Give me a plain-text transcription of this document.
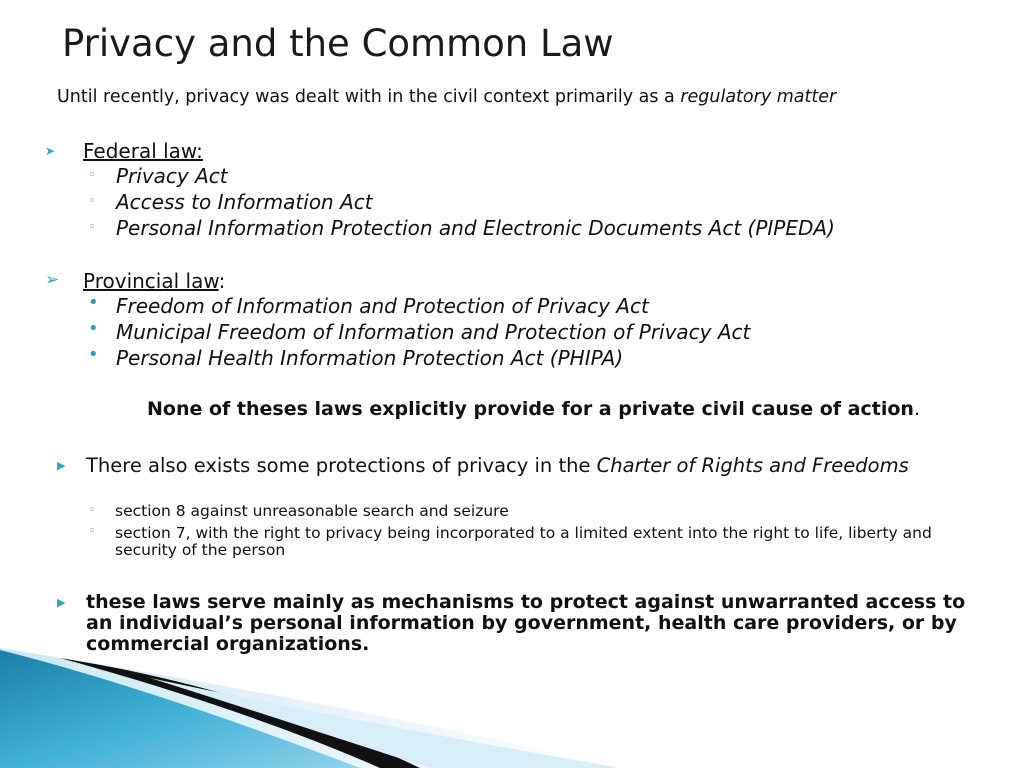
Privacy and the Common Law
Until recently, privacy was dealt with in the civil context primarily as a regulatory matter
➤ Federal law:
◦ Privacy Act
◦ Access to Information Act
◦ Personal Information Protection and Electronic Documents Act (PIPEDA)
➢ Provincial law:
• Freedom of Information and Protection of Privacy Act
• Municipal Freedom of Information and Protection of Privacy Act
• Personal Health Information Protection Act (PHIPA)
None of theses laws explicitly provide for a private civil cause of action.
▶ There also exists some protections of privacy in the Charter of Rights and Freedoms
◦ section 8 against unreasonable search and seizure
◦ section 7, with the right to privacy being incorporated to a limited extent into the right to life, liberty and security of the person
▶ these laws serve mainly as mechanisms to protect against unwarranted access to an individual’s personal information by government, health care providers, or by commercial organizations.
